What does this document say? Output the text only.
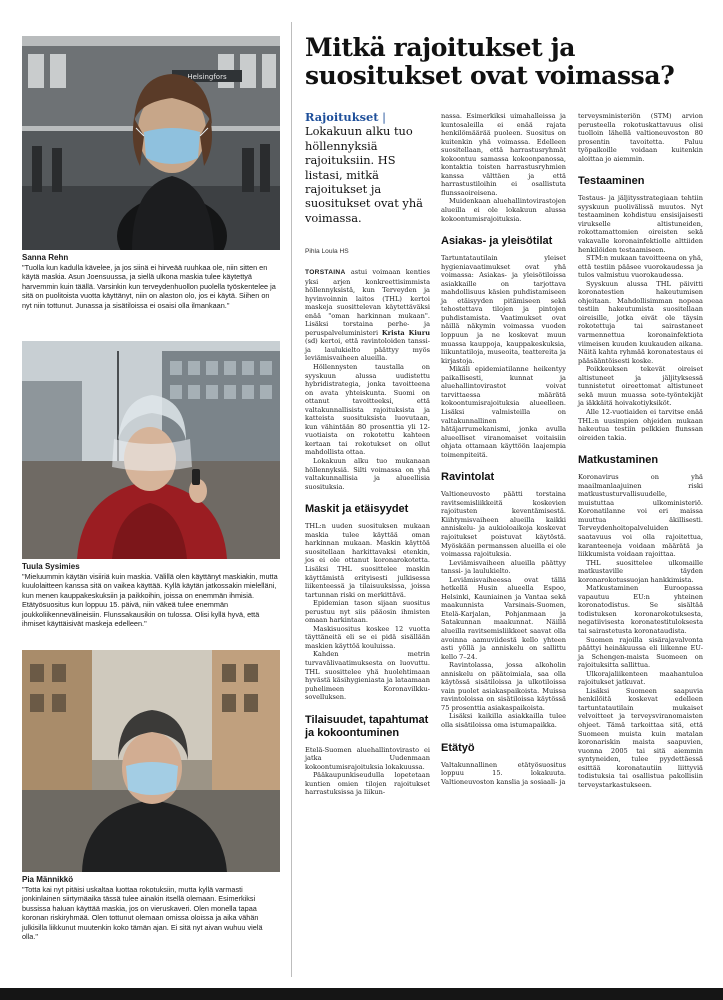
Helsingfors
Sanna Rehn
"Tuolla kun kadulla kävelee, ja jos siinä ei hirveää ruuhkaa ole, niin sitten en käytä maskia. Asun Joensuussa, ja siellä ulkona maskia tulee käytettyä harvemmin kuin täällä. Varsinkin kun terveydenhuollon puolella työskentelee ja sitä on puolitoista vuotta käyttänyt, niin on alaston olo, jos ei käytä. Siihen on nyt niin tottunut. Junassa ja sisätiloissa ei osaisi olla ilmankaan."
Tuula Sysimies
"Mieluummin käytän visiiriä kuin maskia. Välillä olen käyttänyt maskiakin, mutta kuulolaitteen kanssa sitä on vaikea käyttää. Kyllä käytän jatkossakin mielelläni, kun menen kauppakeskuksiin ja paikkoihin, joissa on enemmän ihmisiä. Etätyösuositus kun loppuu 15. päivä, niin väkeä tulee enemmän joukkoliikennevälineisiin. Flunssakausikin on tulossa. Olisi kyllä hyvä, että ihmiset käyttäisivät maskeja edelleen."
Pia Männikkö
"Totta kai nyt pitäisi uskaltaa luottaa rokotuksiin, mutta kyllä varmasti jonkinlainen siirtymäaika tässä tulee ainakin itsellä olemaan. Esimerkiksi bussissa haluan käyttää maskia, jos on vieruskaveri. Olen monella tapaa koronan riskiryhmää. Olen tottunut olemaan omissa oloissa ja aika vähän julkisilla liikkunut muutenkin koko tämän ajan. Ei sitä nyt aivan wuhuu vielä olla."
Mitkä rajoitukset ja suositukset ovat voimassa?
Rajoitukset | Lokakuun alku tuo höllennyksiä rajoituksiin. HS listasi, mitkä rajoitukset ja suositukset ovat yhä voimassa.
Pihla Loula HS

TORSTAINA astui voimaan kenties yksi arjen konkreettisimmista höllennyksistä, kun Terveyden ja hyvinvoinnin laitos (THL) kertoi maskeja suosittelevan käytettäväksi enää "oman harkinnan mukaan". Lisäksi torstaina perhe- ja peruspalveluministeri Krista Kiuru (sd) kertoi, että ravintoloiden tanssi- ja laulukielto päättyy myös leviämisvaiheen alueilla.

Höllennysten taustalla on syyskuun alussa uudistettu hybridistrategia, jonka tavoitteena on avata yhteiskunta. Suomi on ottanut tavoitteeksi, että valtakunnallisista rajoituksista ja katteista suosituksista luovutaan, kun vähintään 80 prosenttia yli 12-vuotiaista on rokotettu kahteen kertaan tai rokotukset on ollut mahdollista ottaa.

Lokakuun alku tuo mukanaan höllennyksiä. Silti voimassa on yhä valtakunnallisia ja alueellisia suosituksia.

Maskit ja etäisyydet

THL:n uuden suosituksen mukaan maskia tulee käyttää oman harkinnan mukaan. Maskin käyttöä suositellaan harkittavaksi etenkin, jos ei ole ottanut koronarokotetta. Lisäksi THL suosittelee maskin käyttämistä erityisesti julkisessa liikenteessä ja tilaisuuksissa, joissa tartunnan riski on merkittävä.

Epidemian tason sijaan suositus perustuu nyt siis pääosin ihmisten omaan harkintaan.

Maskisuositus koskee 12 vuotta täyttäneitä eli se ei pidä sisällään maskien käyttöä kouluissa.

Kahden metrin turvavälivaatimuksesta on luovuttu. THL suosittelee yhä huolehtimaan hyvästä käsihygieniasta ja lataamaan puhelimeen Koronavilkku-sovelluksen.

Tilaisuudet, tapahtumat ja kokoontuminen

Etelä-Suomen aluehallintovirasto ei jatka Uudenmaan kokoontumisrajoituksia lokakuussa.

Pääkaupunkiseudulla lopetetaan kuntien omien tilojen rajoitukset harrastuksissa ja liikun-

nassa. Esimerkiksi uimahalleissa ja kuntosaleilla ei enää rajata henkilömäärää puoleen. Suositus on kuitenkin yhä voimassa. Edelleen suositellaan, että harrastusryhmät kokoontuu samassa kokoonpanossa, kontaktia toisten harrastusryhmien kanssa välttäen ja että harrastustiloihin ei osallistuta flunssaoireisena.

Muidenkaan aluehallintovirastojen alueilla ei ole lokakuun alussa kokoontumisrajoituksia.

Asiakas- ja yleisötilat

Tartuntatautilain yleiset hygieniavaatimukset ovat yhä voimassa: Asiakas- ja yleisötiloissa asiakkaille on tarjottava mahdollisuus käsien puhdistamiseen ja etäisyyden pitämiseen sekä tehostettava tilojen ja pintojen puhdistamista. Vaatimukset ovat näillä näkymin voimassa vuoden loppuun ja ne koskevat muun muassa kauppoja, kauppakeskuksia, liikuntatiloja, museoita, teattereita ja kirjastoja.

Mikäli epidemiatilanne heikentyy paikallisesti, kunnat ja aluehallintovirastot voivat tarvittaessa määrätä kokoontumisrajoituksia alueelleen. Lisäksi valmisteilla on valtakunnallinen hätäjarrumekanismi, jonka avulla alueelliset viranomaiset voitaisiin ohjata ottamaan käyttöön laajempia toimenpiteitä.

Ravintolat

Valtioneuvosto päätti torstaina ravitsemisliikkeitä koskevien rajoitusten keventämisestä. Kiihtymisvaiheen alueilla kaikki anniskelu- ja aukioloaikoja koskevat rajoitukset poistuvat käytöstä. Myöskään permanssen alueilla ei ole voimassa rajoituksia.

Leviämisvaiheen alueilla päättyy tanssi- ja laulukielto.

Leviämisvaiheessa ovat tällä hetkellä Husin alueella Espoo, Helsinki, Kauniainen ja Vantaa sekä maakunnista Varsinais-Suomen, Etelä-Karjalan, Pohjanmaan ja Satakunnan maakunnat. Näillä alueilla ravitsemisliikkeet saavat olla avoinna aamuviidestä kello yhteen asti yöllä ja anniskelu on sallittu kello 7–24.

Ravintolassa, jossa alkoholin anniskelu on päätoimiala, saa olla käytössä sisätiloissa ja ulkotiloissa vain puolet asiakaspaikoista. Muissa ravintoloissa on sisätiloissa käytössä 75 prosenttia asiakaspaikoista.

Lisäksi kaikilla asiakkailla tulee olla sisätiloissa oma istumapaikka.

Etätyö

Valtakunnallinen etätyösuositus loppuu 15. lokakuuta. Valtioneuvoston kanslia ja sosiaali- ja

terveysministeriön (STM) arvion perusteella rokotuskattavuus olisi tuolloin lähellä valtioneuvoston 80 prosentin tavoitetta. Paluu työpaikoille voidaan kuitenkin aloittaa jo aiemmin.

Testaaminen

Testaus- ja jäljitysstrategiaan tehtiin syyskuun puolivälissä muutos. Nyt testaaminen kohdistuu ensisijaisesti virukselle altistuneiden, rokottamattomien oireisten sekä vakavalle koronainfektiolle alttiiden henkilöiden testaamiseen.

STM:n mukaan tavoitteena on yhä, että testiin pääsee vuorokaudessa ja tulos valmistuu vuorokaudessa.

Syyskuun alussa THL päivitti koronatestien hakeutumisen ohjeitaan. Mahdollisimman nopeaa testiin hakeutumista suositellaan oireisille, jotka eivät ole täysin rokotettuja tai sairastaneet varmennettua koronainfektiota viimeisen kuuden kuukauden aikana. Näitä kahta ryhmää koronatestaus ei pääsääntöisesti koske.

Poikkeuksen tekevät oireiset altistuneet ja jäljityksessä tunnistetut oireettomat altistuneet sekä muun muassa sote-työntekijät ja iäkkäitä hoivakotiyksiköt.

Alle 12-vuotiaiden ei tarvitse enää THL:n uusimpien ohjeiden mukaan hakeutua testiin pelkkien flunssan oireiden takia.

Matkustaminen

Koronavirus on yhä maailmanlaajuinen riski matkustusturvallisuudelle, muistuttaa ulkoministeriö. Koronatilanne voi eri maissa muuttua äkillisesti. Terveydenhoitopalveluiden saatavuus voi olla rajoitettua, karanteeneja voidaan määrätä ja liikkumista voidaan rajoittaa.

THL suosittelee ulkomaille matkustaville täyden koronarokotussuojan hankkimista.

Matkustaminen Euroopassa vapautuu EU:n yhteinen koronatodistus. Se sisältää todistuksen koronarokotuksesta, negatiivisesta koronatestituloksesta tai sairastetusta koronataudista.

Suomen rajoilla sisärajavalvonta päättyi heinäkuussa eli liikenne EU- ja Schengen-maista Suomeen on rajoituksitta sallittua.

Ulkorajaliikenteen maahantuloa rajoitukset jatkuvat.

Lisäksi Suomeen saapuvia henkilöitä koskevat edelleen tartuntatautilain mukaiset velvoitteet ja terveysviranomaisten ohjeet. Tämä tarkoittaa sitä, että Suomeen muista kuin matalan koronariskin maista saapuvien, vuonna 2005 tai sitä aiemmin syntyneiden, tulee pyydettäessä esittää koronatautiin liittyviä todistuksia tai osallistua pakollisiin terveystarkastukseen.
